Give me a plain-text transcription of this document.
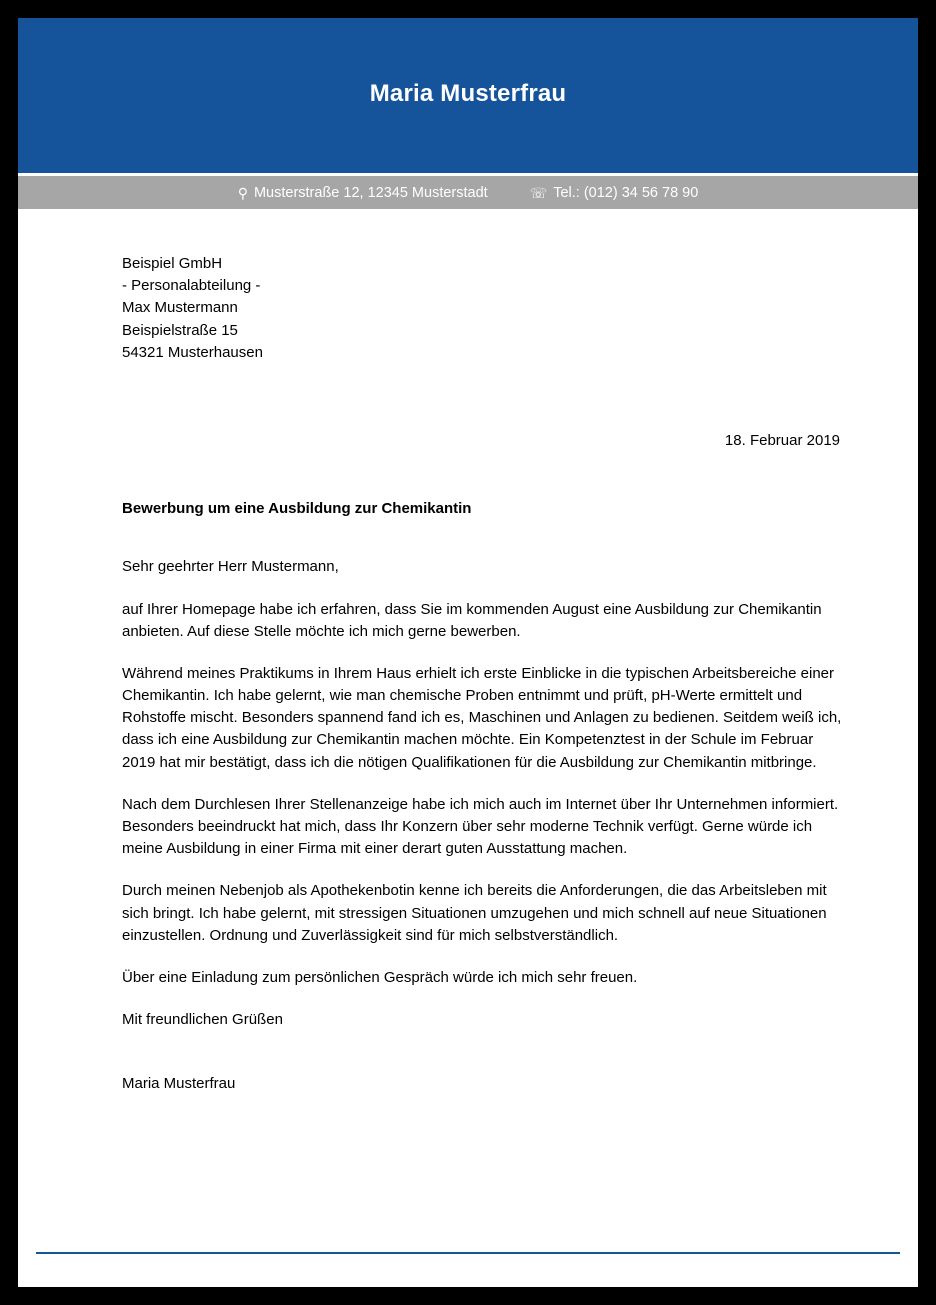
Maria Musterfrau
⚲ Musterstraße 12, 12345 Musterstadt	☏ Tel.: (012) 34 56 78 90
Beispiel GmbH
- Personalabteilung -
Max Mustermann
Beispielstraße 15
54321 Musterhausen
18. Februar 2019
Bewerbung um eine Ausbildung zur Chemikantin
Sehr geehrter Herr Mustermann,
auf Ihrer Homepage habe ich erfahren, dass Sie im kommenden August eine Ausbildung zur Chemikantin anbieten. Auf diese Stelle möchte ich mich gerne bewerben.
Während meines Praktikums in Ihrem Haus erhielt ich erste Einblicke in die typischen Arbeitsbereiche einer Chemikantin. Ich habe gelernt, wie man chemische Proben entnimmt und prüft, pH-Werte ermittelt und Rohstoffe mischt. Besonders spannend fand ich es, Maschinen und Anlagen zu bedienen. Seitdem weiß ich, dass ich eine Ausbildung zur Chemikantin machen möchte. Ein Kompetenztest in der Schule im Februar 2019 hat mir bestätigt, dass ich die nötigen Qualifikationen für die Ausbildung zur Chemikantin mitbringe.
Nach dem Durchlesen Ihrer Stellenanzeige habe ich mich auch im Internet über Ihr Unternehmen informiert. Besonders beeindruckt hat mich, dass Ihr Konzern über sehr moderne Technik verfügt. Gerne würde ich meine Ausbildung in einer Firma mit einer derart guten Ausstattung machen.
Durch meinen Nebenjob als Apothekenbotin kenne ich bereits die Anforderungen, die das Arbeitsleben mit sich bringt. Ich habe gelernt, mit stressigen Situationen umzugehen und mich schnell auf neue Situationen einzustellen. Ordnung und Zuverlässigkeit sind für mich selbstverständlich.
Über eine Einladung zum persönlichen Gespräch würde ich mich sehr freuen.
Mit freundlichen Grüßen
Maria Musterfrau
